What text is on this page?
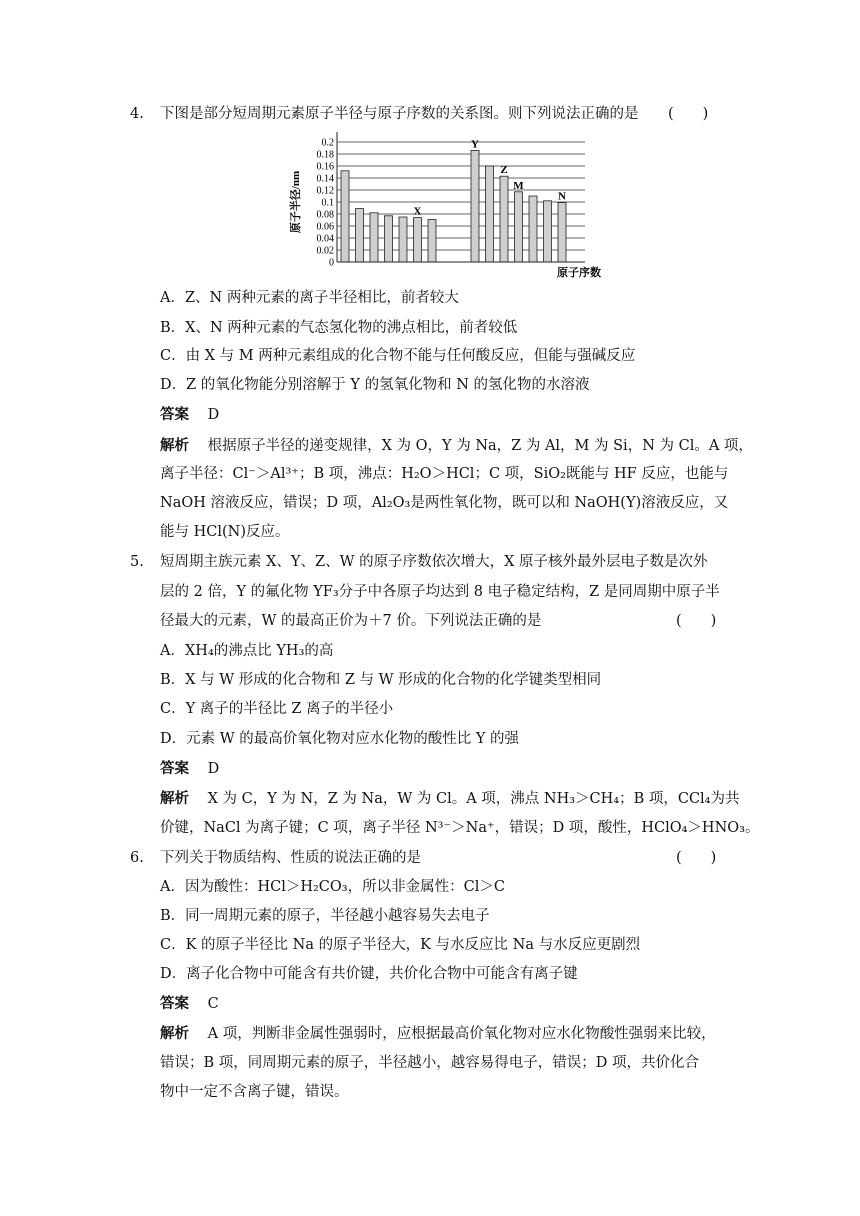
4. 下图是部分短周期元素原子半径与原子序数的关系图。则下列说法正确的是 (　　)
0
0.02
0.04
0.06
0.08
0.1
0.12
0.14
0.16
0.18
0.2
X
Y
Z
M
N
原子半径/nm
原子序数
A．Z、N 两种元素的离子半径相比，前者较大
B．X、N 两种元素的气态氢化物的沸点相比，前者较低
C．由 X 与 M 两种元素组成的化合物不能与任何酸反应，但能与强碱反应
D．Z 的氧化物能分别溶解于 Y 的氢氧化物和 N 的氢化物的水溶液
答案 D
解析 根据原子半径的递变规律，X 为 O，Y 为 Na，Z 为 Al，M 为 Si，N 为 Cl。A 项，
离子半径：Cl⁻＞Al³⁺；B 项，沸点：H₂O＞HCl；C 项，SiO₂既能与 HF 反应，也能与
NaOH 溶液反应，错误；D 项，Al₂O₃是两性氧化物，既可以和 NaOH(Y)溶液反应，又
能与 HCl(N)反应。
5. 短周期主族元素 X、Y、Z、W 的原子序数依次增大，X 原子核外最外层电子数是次外
层的 2 倍，Y 的氟化物 YF₃分子中各原子均达到 8 电子稳定结构，Z 是同周期中原子半
径最大的元素，W 的最高正价为＋7 价。下列说法正确的是	(　　)
A．XH₄的沸点比 YH₃的高
B．X 与 W 形成的化合物和 Z 与 W 形成的化合物的化学键类型相同
C．Y 离子的半径比 Z 离子的半径小
D．元素 W 的最高价氧化物对应水化物的酸性比 Y 的强
答案 D
解析 X 为 C，Y 为 N，Z 为 Na，W 为 Cl。A 项，沸点 NH₃＞CH₄；B 项，CCl₄为共
价键，NaCl 为离子键；C 项，离子半径 N³⁻＞Na⁺，错误；D 项，酸性，HClO₄＞HNO₃。
6. 下列关于物质结构、性质的说法正确的是	(　　)
A．因为酸性：HCl＞H₂CO₃，所以非金属性：Cl＞C
B．同一周期元素的原子，半径越小越容易失去电子
C．K 的原子半径比 Na 的原子半径大，K 与水反应比 Na 与水反应更剧烈
D．离子化合物中可能含有共价键，共价化合物中可能含有离子键
答案 C
解析 A 项，判断非金属性强弱时，应根据最高价氧化物对应水化物酸性强弱来比较，
错误；B 项，同周期元素的原子，半径越小，越容易得电子，错误；D 项，共价化合
物中一定不含离子键，错误。
